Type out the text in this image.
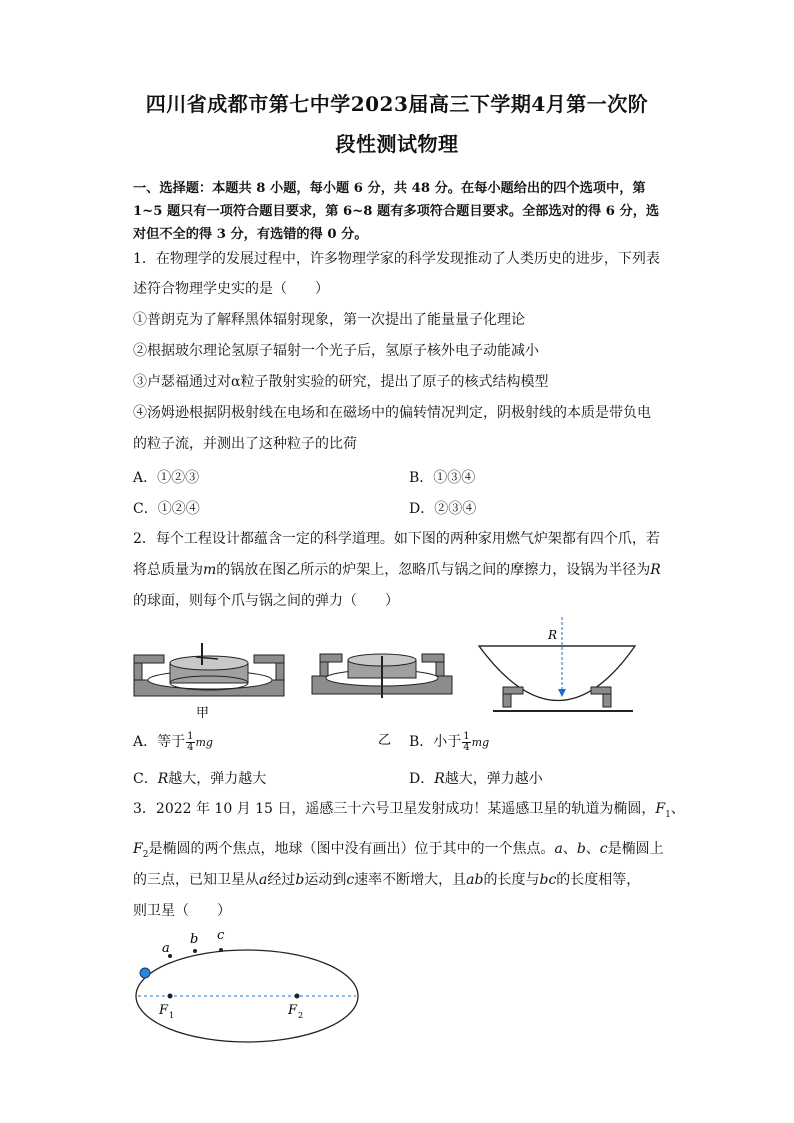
四川省成都市第七中学2023届高三下学期4月第一次阶
段性测试物理
一、选择题：本题共 8 小题，每小题 6 分，共 48 分。在每小题给出的四个选项中，第
1~5 题只有一项符合题目要求，第 6~8 题有多项符合题目要求。全部选对的得 6 分，选
对但不全的得 3 分，有选错的得 0 分。
1．在物理学的发展过程中，许多物理学家的科学发现推动了人类历史的进步，下列表
述符合物理学史实的是（　　）
①普朗克为了解释黑体辐射现象，第一次提出了能量量子化理论
②根据玻尔理论氢原子辐射一个光子后，氢原子核外电子动能减小
③卢瑟福通过对α粒子散射实验的研究，提出了原子的核式结构模型
④汤姆逊根据阴极射线在电场和在磁场中的偏转情况判定，阴极射线的本质是带负电
的粒子流，并测出了这种粒子的比荷
A．①②③	B．①③④
C．①②④	D．②③④
2．每个工程设计都蕴含一定的科学道理。如下图的两种家用燃气炉架都有四个爪，若
将总质量为m的锅放在图乙所示的炉架上，忽略爪与锅之间的摩擦力，设锅为半径为R
的球面，则每个爪与锅之间的弹力（　　）
甲
乙
R
A．等于 $\frac{1}{4}$ mg	B．小于 $\frac{1}{4}$ mg
C．R越大，弹力越大	D．R越大，弹力越小
3．2022 年 10 月 15 日，遥感三十六号卫星发射成功！某遥感卫星的轨道为椭圆，$F_1$、
$F_2$是椭圆的两个焦点，地球（图中没有画出）位于其中的一个焦点。a、b、c是椭圆上
的三点，已知卫星从a经过b运动到c速率不断增大，且ab的长度与bc的长度相等，
则卫星（　　）
a
b c
F 1	F 2
